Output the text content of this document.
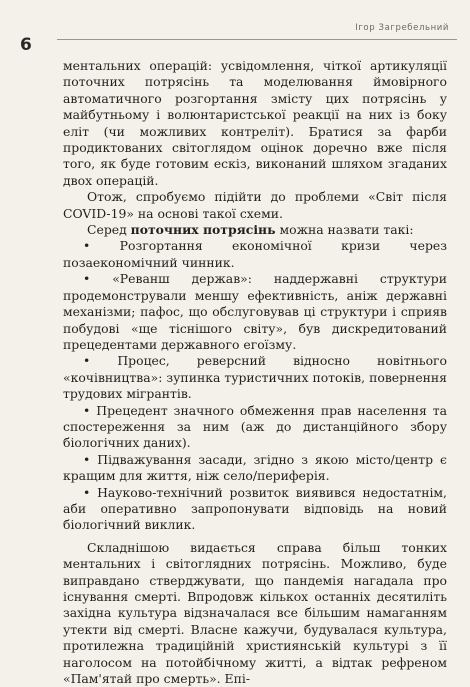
6
Ігор Загребельний

ментальних операцій: усвідомлення, чіткої артикуляції поточних потрясінь та моделювання ймовірного автоматичного розгортання змісту цих потрясінь у майбутньому і волюнтаристської реакції на них із боку еліт (чи можливих контреліт). Братися за фарби продиктованих світоглядом оцінок доречно вже після того, як буде готовим ескіз, виконаний шляхом згаданих двох операцій.

Отож, спробуємо підійти до проблеми «Світ після COVID-19» на основі такої схеми.

Серед поточних потрясінь можна назвати такі:

• Розгортання економічної кризи через позаекономічний чинник.

• «Реванш держав»: наддержавні структури продемонстрували меншу ефективність, аніж державні механізми; пафос, що обслуговував ці структури і сприяв побудові «ще тіснішого світу», був дискредитований прецедентами державного егоїзму.

• Процес, реверсний відносно новітнього «кочівництва»: зупинка туристичних потоків, повернення трудових мігрантів.

• Прецедент значного обмеження прав населення та спостереження за ним (аж до дистанційного збору біологічних даних).

• Підважування засади, згідно з якою місто/центр є кращим для життя, ніж село/периферія.

• Науково-технічний розвиток виявився недостатнім, аби оперативно запропонувати відповідь на новий біологічний виклик.

Складнішою видається справа більш тонких ментальних і світоглядних потрясінь. Можливо, буде виправдано стверджувати, що пандемія нагадала про існування смерті. Впродовж кількох останніх десятиліть західна культура відзначалася все більшим намаганням утекти від смерті. Власне кажучи, будувалася культура, протилежна традиційній християнській культурі з її наголосом на потойбічному житті, а відтак рефреном «Пам'ятай про смерть». Епі-
